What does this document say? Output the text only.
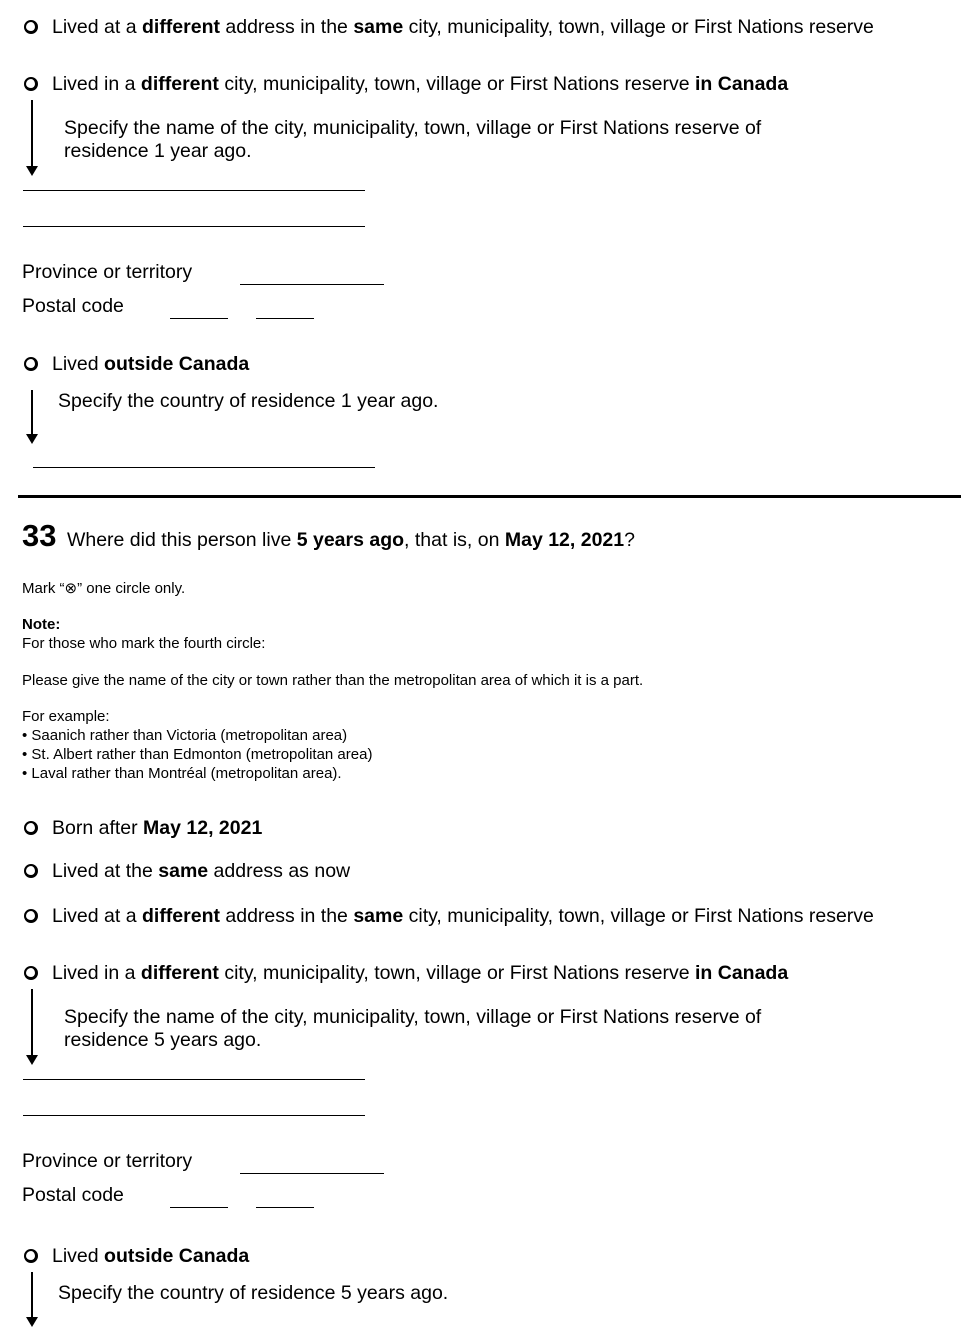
Lived at a different address in the same city, municipality, town, village or First Nations reserve
Lived in a different city, municipality, town, village or First Nations reserve in Canada
Specify the name of the city, municipality, town, village or First Nations reserve of
residence 1 year ago.
Province or territory
Postal code
Lived outside Canada
Specify the country of residence 1 year ago.
33 Where did this person live 5 years ago, that is, on May 12, 2021?
Mark “⊗” one circle only.
Note:
For those who mark the fourth circle:
Please give the name of the city or town rather than the metropolitan area of which it is a part.
For example:
• Saanich rather than Victoria (metropolitan area)
• St. Albert rather than Edmonton (metropolitan area)
• Laval rather than Montréal (metropolitan area).
Born after May 12, 2021
Lived at the same address as now
Lived at a different address in the same city, municipality, town, village or First Nations reserve
Lived in a different city, municipality, town, village or First Nations reserve in Canada
Specify the name of the city, municipality, town, village or First Nations reserve of
residence 5 years ago.
Province or territory
Postal code
Lived outside Canada
Specify the country of residence 5 years ago.
